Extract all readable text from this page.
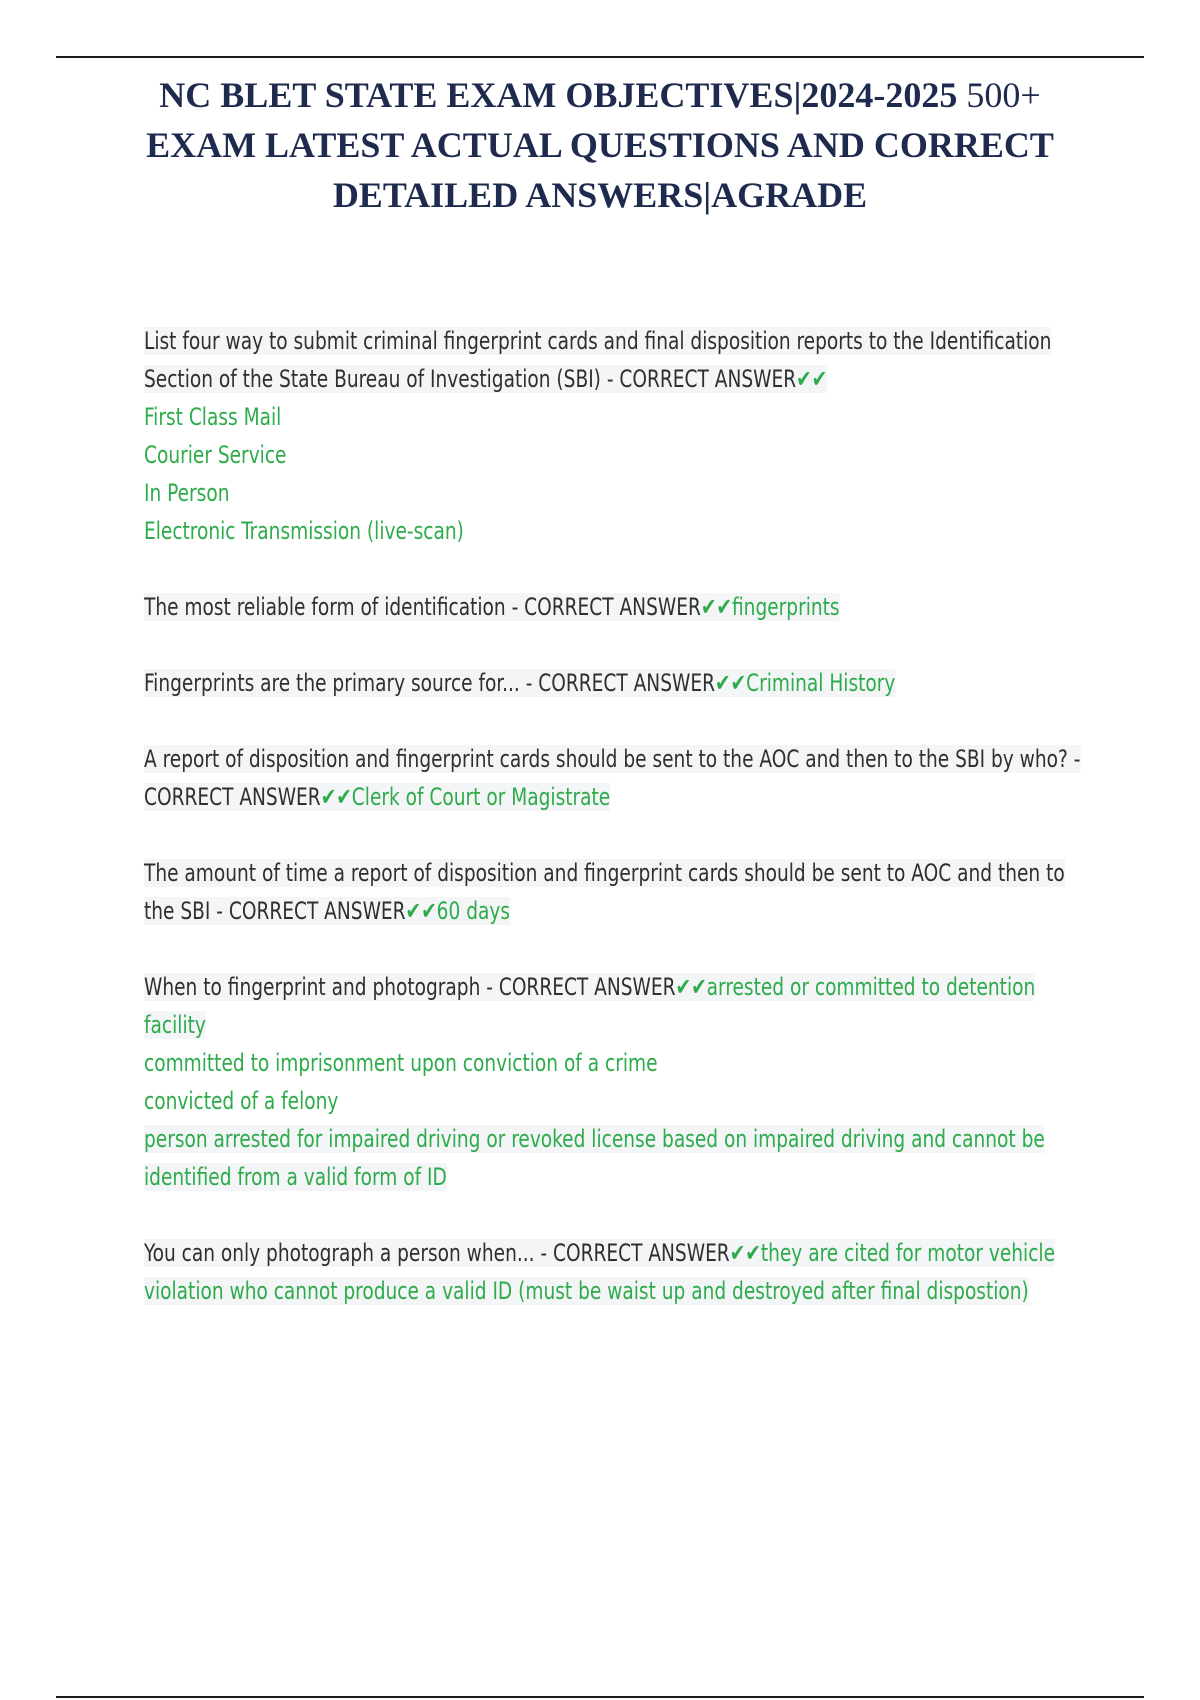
NC BLET STATE EXAM OBJECTIVES|2024-2025 500+ EXAM LATEST ACTUAL QUESTIONS AND CORRECT DETAILED ANSWERS|AGRADE
List four way to submit criminal fingerprint cards and final disposition reports to the Identification Section of the State Bureau of Investigation (SBI) - CORRECT ANSWER✔✔
First Class Mail
Courier Service
In Person
Electronic Transmission (live-scan)
The most reliable form of identification - CORRECT ANSWER✔✔fingerprints
Fingerprints are the primary source for... - CORRECT ANSWER✔✔Criminal History
A report of disposition and fingerprint cards should be sent to the AOC and then to the SBI by who? - CORRECT ANSWER✔✔Clerk of Court or Magistrate
The amount of time a report of disposition and fingerprint cards should be sent to AOC and then to the SBI - CORRECT ANSWER✔✔60 days
When to fingerprint and photograph - CORRECT ANSWER✔✔arrested or committed to detention facility
committed to imprisonment upon conviction of a crime
convicted of a felony
person arrested for impaired driving or revoked license based on impaired driving and cannot be identified from a valid form of ID
You can only photograph a person when... - CORRECT ANSWER✔✔they are cited for motor vehicle violation who cannot produce a valid ID (must be waist up and destroyed after final dispostion)
